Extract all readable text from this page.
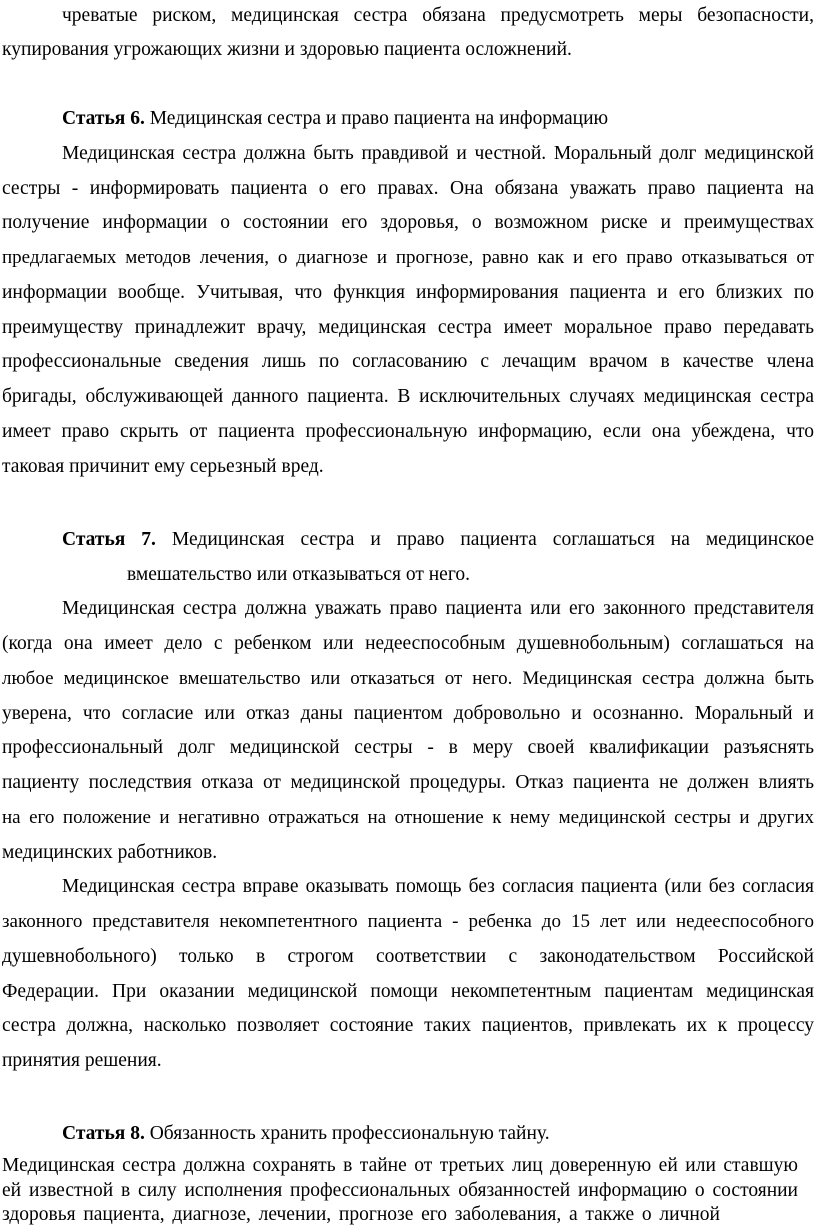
чреватые риском, медицинская сестра обязана предусмотреть меры безопасности,
купирования угрожающих жизни и здоровью пациента осложнений.
Статья 6. Медицинская сестра и право пациента на информацию
Медицинская сестра должна быть правдивой и честной. Моральный долг медицинской
сестры - информировать пациента о его правах. Она обязана уважать право пациента на
получение информации о состоянии его здоровья, о возможном риске и преимуществах
предлагаемых методов лечения, о диагнозе и прогнозе, равно как и его право отказываться от
информации вообще. Учитывая, что функция информирования пациента и его близких по
преимуществу принадлежит врачу, медицинская сестра имеет моральное право передавать
профессиональные сведения лишь по согласованию с лечащим врачом в качестве члена
бригады, обслуживающей данного пациента. В исключительных случаях медицинская сестра
имеет право скрыть от пациента профессиональную информацию, если она убеждена, что
таковая причинит ему серьезный вред.
Статья 7. Медицинская сестра и право пациента соглашаться на медицинское
вмешательство или отказываться от него.
Медицинская сестра должна уважать право пациента или его законного представителя
(когда она имеет дело с ребенком или недееспособным душевнобольным) соглашаться на
любое медицинское вмешательство или отказаться от него. Медицинская сестра должна быть
уверена, что согласие или отказ даны пациентом добровольно и осознанно. Моральный и
профессиональный долг медицинской сестры - в меру своей квалификации разъяснять
пациенту последствия отказа от медицинской процедуры. Отказ пациента не должен влиять
на его положение и негативно отражаться на отношение к нему медицинской сестры и других
медицинских работников.
Медицинская сестра вправе оказывать помощь без согласия пациента (или без согласия
законного представителя некомпетентного пациента - ребенка до 15 лет или недееспособного
душевнобольного) только в строгом соответствии с законодательством Российской
Федерации. При оказании медицинской помощи некомпетентным пациентам медицинская
сестра должна, насколько позволяет состояние таких пациентов, привлекать их к процессу
принятия решения.
Статья 8. Обязанность хранить профессиональную тайну.
Медицинская сестра должна сохранять в тайне от третьих лиц доверенную ей или ставшую
ей известной в силу исполнения профессиональных обязанностей информацию о состоянии
здоровья пациента, диагнозе, лечении, прогнозе его заболевания, а также о личной
